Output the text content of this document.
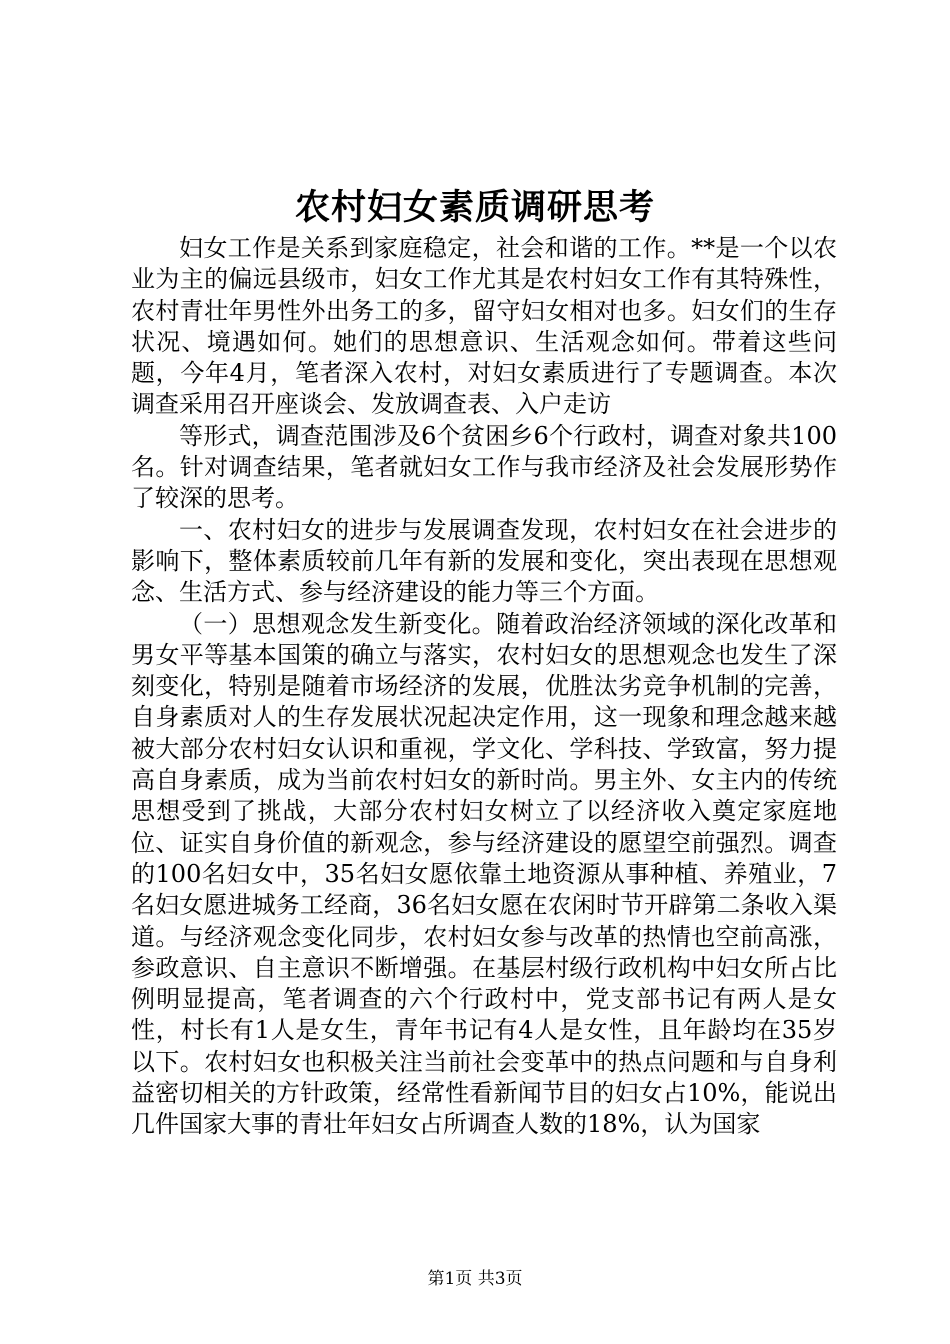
农村妇女素质调研思考

妇女工作是关系到家庭稳定，社会和谐的工作。**是一个以农业为主的偏远县级市，妇女工作尤其是农村妇女工作有其特殊性，农村青壮年男性外出务工的多，留守妇女相对也多。妇女们的生存状况、境遇如何。她们的思想意识、生活观念如何。带着这些问题，今年4月，笔者深入农村，对妇女素质进行了专题调查。本次调查采用召开座谈会、发放调查表、入户走访

等形式，调查范围涉及6个贫困乡6个行政村，调查对象共100名。针对调查结果，笔者就妇女工作与我市经济及社会发展形势作了较深的思考。

一、农村妇女的进步与发展调查发现，农村妇女在社会进步的影响下，整体素质较前几年有新的发展和变化，突出表现在思想观念、生活方式、参与经济建设的能力等三个方面。

（一）思想观念发生新变化。随着政治经济领域的深化改革和男女平等基本国策的确立与落实，农村妇女的思想观念也发生了深刻变化，特别是随着市场经济的发展，优胜汰劣竞争机制的完善，自身素质对人的生存发展状况起决定作用，这一现象和理念越来越被大部分农村妇女认识和重视，学文化、学科技、学致富，努力提高自身素质，成为当前农村妇女的新时尚。男主外、女主内的传统思想受到了挑战，大部分农村妇女树立了以经济收入奠定家庭地位、证实自身价值的新观念，参与经济建设的愿望空前强烈。调查的100名妇女中，35名妇女愿依靠土地资源从事种植、养殖业，7名妇女愿进城务工经商，36名妇女愿在农闲时节开辟第二条收入渠道。与经济观念变化同步，农村妇女参与改革的热情也空前高涨，参政意识、自主意识不断增强。在基层村级行政机构中妇女所占比例明显提高，笔者调查的六个行政村中，党支部书记有两人是女性，村长有1人是女生，青年书记有4人是女性，且年龄均在35岁以下。农村妇女也积极关注当前社会变革中的热点问题和与自身利益密切相关的方针政策，经常性看新闻节目的妇女占10%，能说出几件国家大事的青壮年妇女占所调查人数的18%，认为国家

第1页 共3页
